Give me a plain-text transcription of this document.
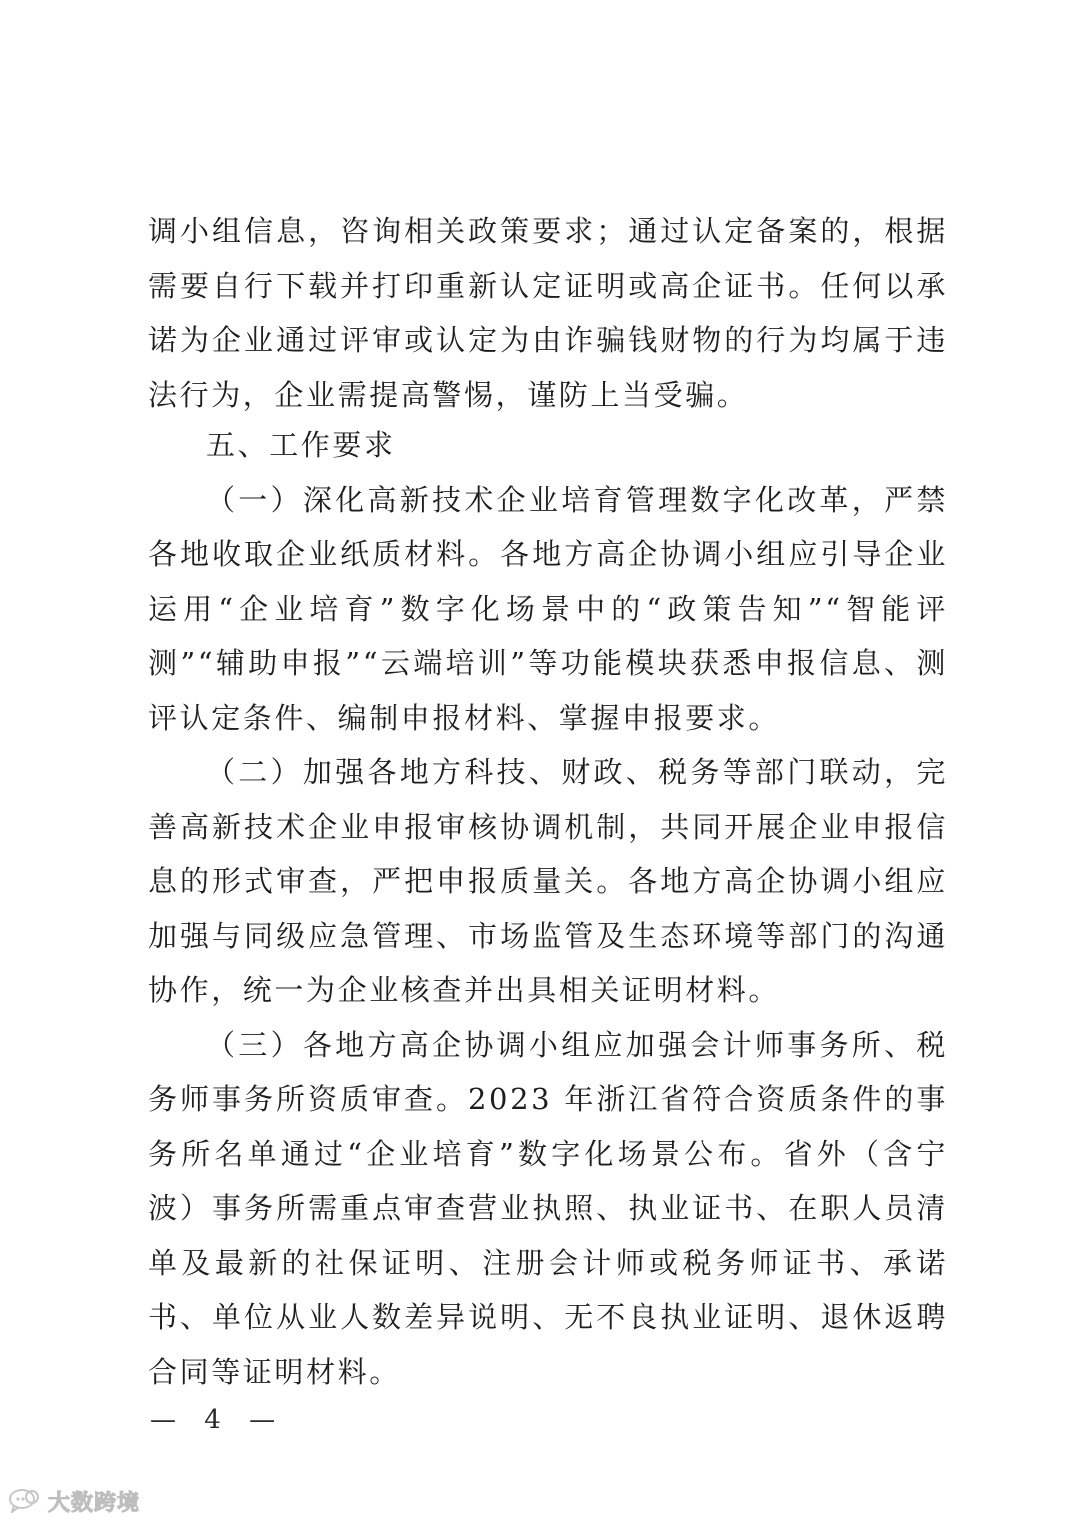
调小组信息，咨询相关政策要求；通过认定备案的，根据需要自行下载并打印重新认定证明或高企证书。任何以承诺为企业通过评审或认定为由诈骗钱财物的行为均属于违法行为，企业需提高警惕，谨防上当受骗。
五、工作要求

（一）深化高新技术企业培育管理数字化改革，严禁各地收取企业纸质材料。各地方高企协调小组应引导企业运用“企业培育”数字化场景中的“政策告知”“智能评测”“辅助申报”“云端培训”等功能模块获悉申报信息、测评认定条件、编制申报材料、掌握申报要求。

（二）加强各地方科技、财政、税务等部门联动，完善高新技术企业申报审核协调机制，共同开展企业申报信息的形式审查，严把申报质量关。各地方高企协调小组应加强与同级应急管理、市场监管及生态环境等部门的沟通协作，统一为企业核查并出具相关证明材料。

（三）各地方高企协调小组应加强会计师事务所、税务师事务所资质审查。2023 年浙江省符合资质条件的事务所名单通过“企业培育”数字化场景公布。省外（含宁波）事务所需重点审查营业执照、执业证书、在职人员清单及最新的社保证明、注册会计师或税务师证书、承诺书、单位从业人数差异说明、无不良执业证明、退休返聘合同等证明材料。

— 4 —
大数跨境
